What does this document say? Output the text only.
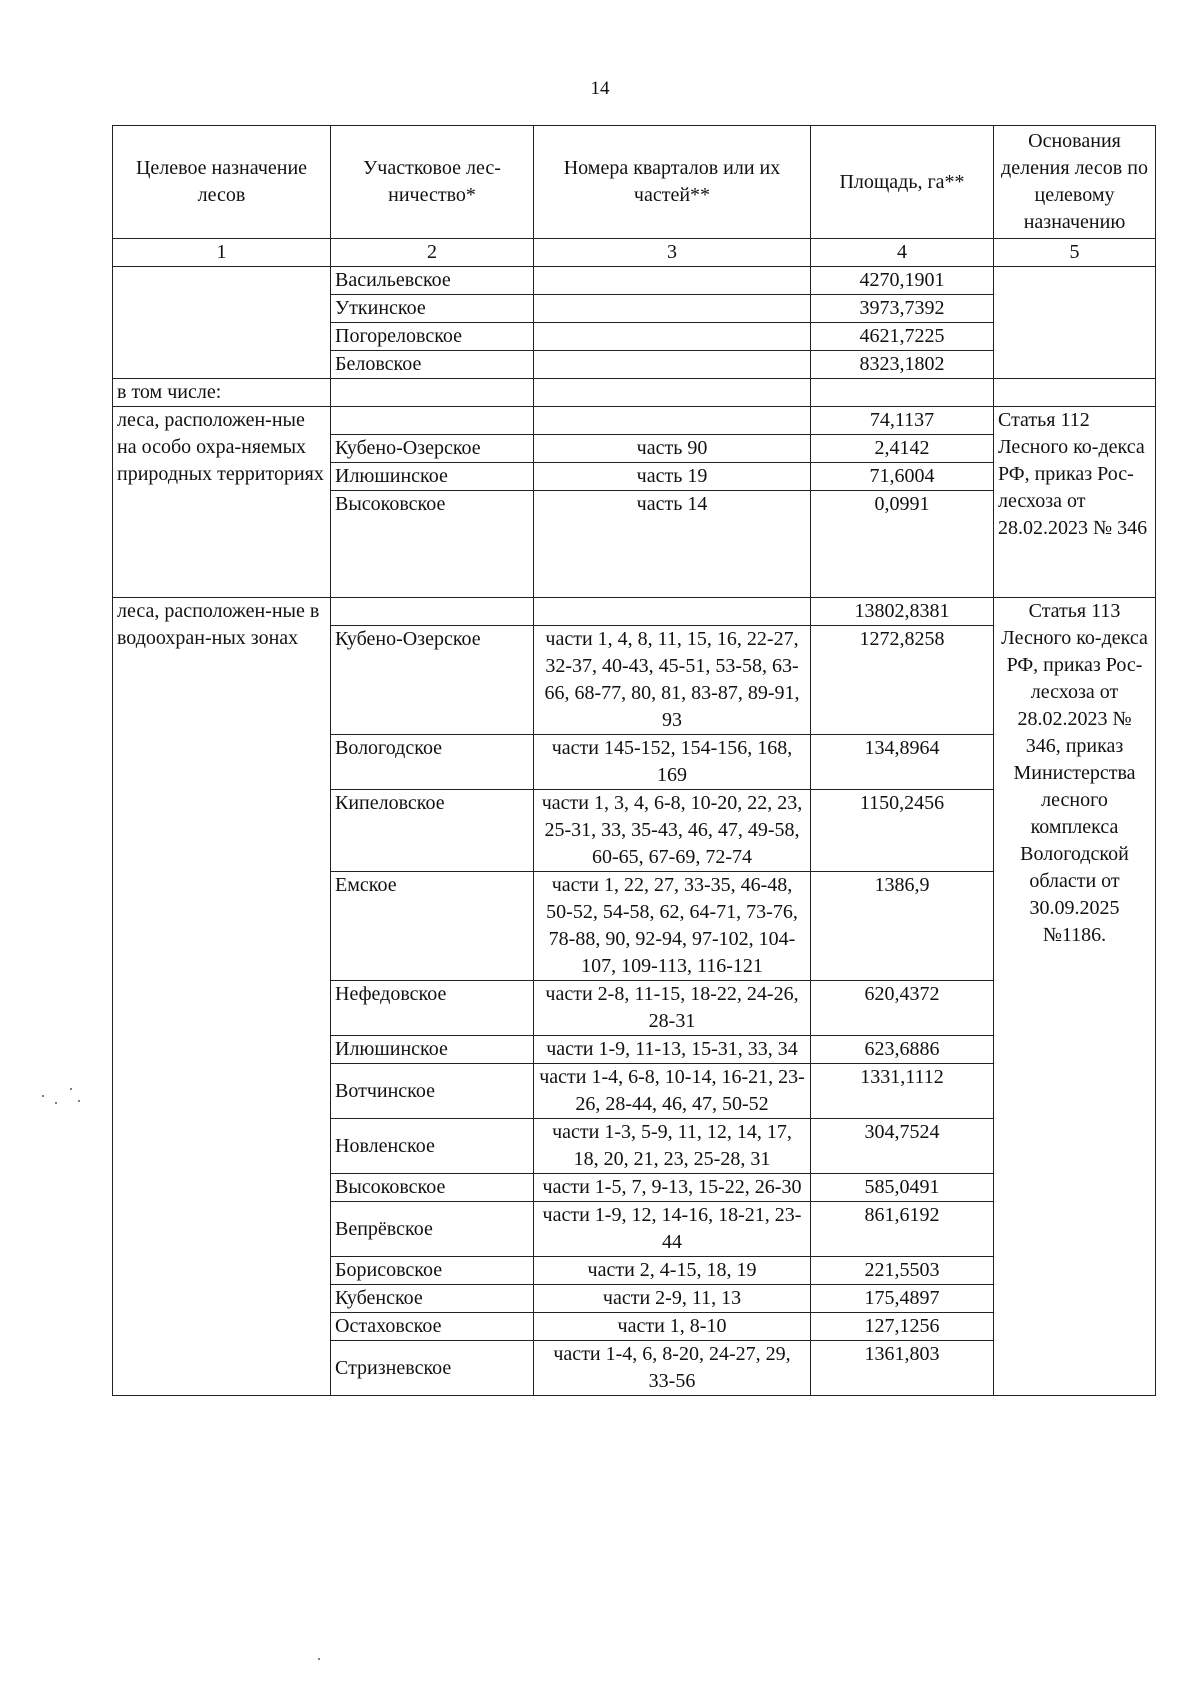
14
Целевое назначение лесов	Участковое лес-ничество*	Номера кварталов или их частей**	Площадь, га**	Основания деления лесов по целевому назначению
1	2	3	4	5
	Васильевское		4270,1901	
	Уткинское		3973,7392	
	Погореловское		4621,7225	
	Беловское		8323,1802	
в том числе:				
леса, расположен-ные на особо охра-няемых природных территориях			74,1137	Статья 112 Лесного ко-декса РФ, приказ Рос-лесхоза от 28.02.2023 № 346
	Кубено-Озерское	часть 90	2,4142	
	Илюшинское	часть 19	71,6004	
	Высоковское	часть 14	0,0991	
леса, расположен-ные в водоохран-ных зонах			13802,8381	Статья 113 Лесного ко-декса РФ, приказ Рос-лесхоза от 28.02.2023 № 346, приказ Министерства лесного комплекса Вологодской области от 30.09.2025 №1186.
	Кубено-Озерское	части 1, 4, 8, 11, 15, 16, 22-27, 32-37, 40-43, 45-51, 53-58, 63-66, 68-77, 80, 81, 83-87, 89-91, 93	1272,8258	
	Вологодское	части 145-152, 154-156, 168, 169	134,8964	
	Кипеловское	части 1, 3, 4, 6-8, 10-20, 22, 23, 25-31, 33, 35-43, 46, 47, 49-58, 60-65, 67-69, 72-74	1150,2456	
	Емское	части 1, 22, 27, 33-35, 46-48, 50-52, 54-58, 62, 64-71, 73-76, 78-88, 90, 92-94, 97-102, 104-107, 109-113, 116-121	1386,9	
	Нефедовское	части 2-8, 11-15, 18-22, 24-26, 28-31	620,4372	
	Илюшинское	части 1-9, 11-13, 15-31, 33, 34	623,6886	
	Вотчинское	части 1-4, 6-8, 10-14, 16-21, 23-26, 28-44, 46, 47, 50-52	1331,1112	
	Новленское	части 1-3, 5-9, 11, 12, 14, 17, 18, 20, 21, 23, 25-28, 31	304,7524	
	Высоковское	части 1-5, 7, 9-13, 15-22, 26-30	585,0491	
	Вепрёвское	части 1-9, 12, 14-16, 18-21, 23-44	861,6192	
	Борисовское	части 2, 4-15, 18, 19	221,5503	
	Кубенское	части 2-9, 11, 13	175,4897	
	Остаховское	части 1, 8-10	127,1256	
	Стризневское	части 1-4, 6, 8-20, 24-27, 29, 33-56	1361,803	
